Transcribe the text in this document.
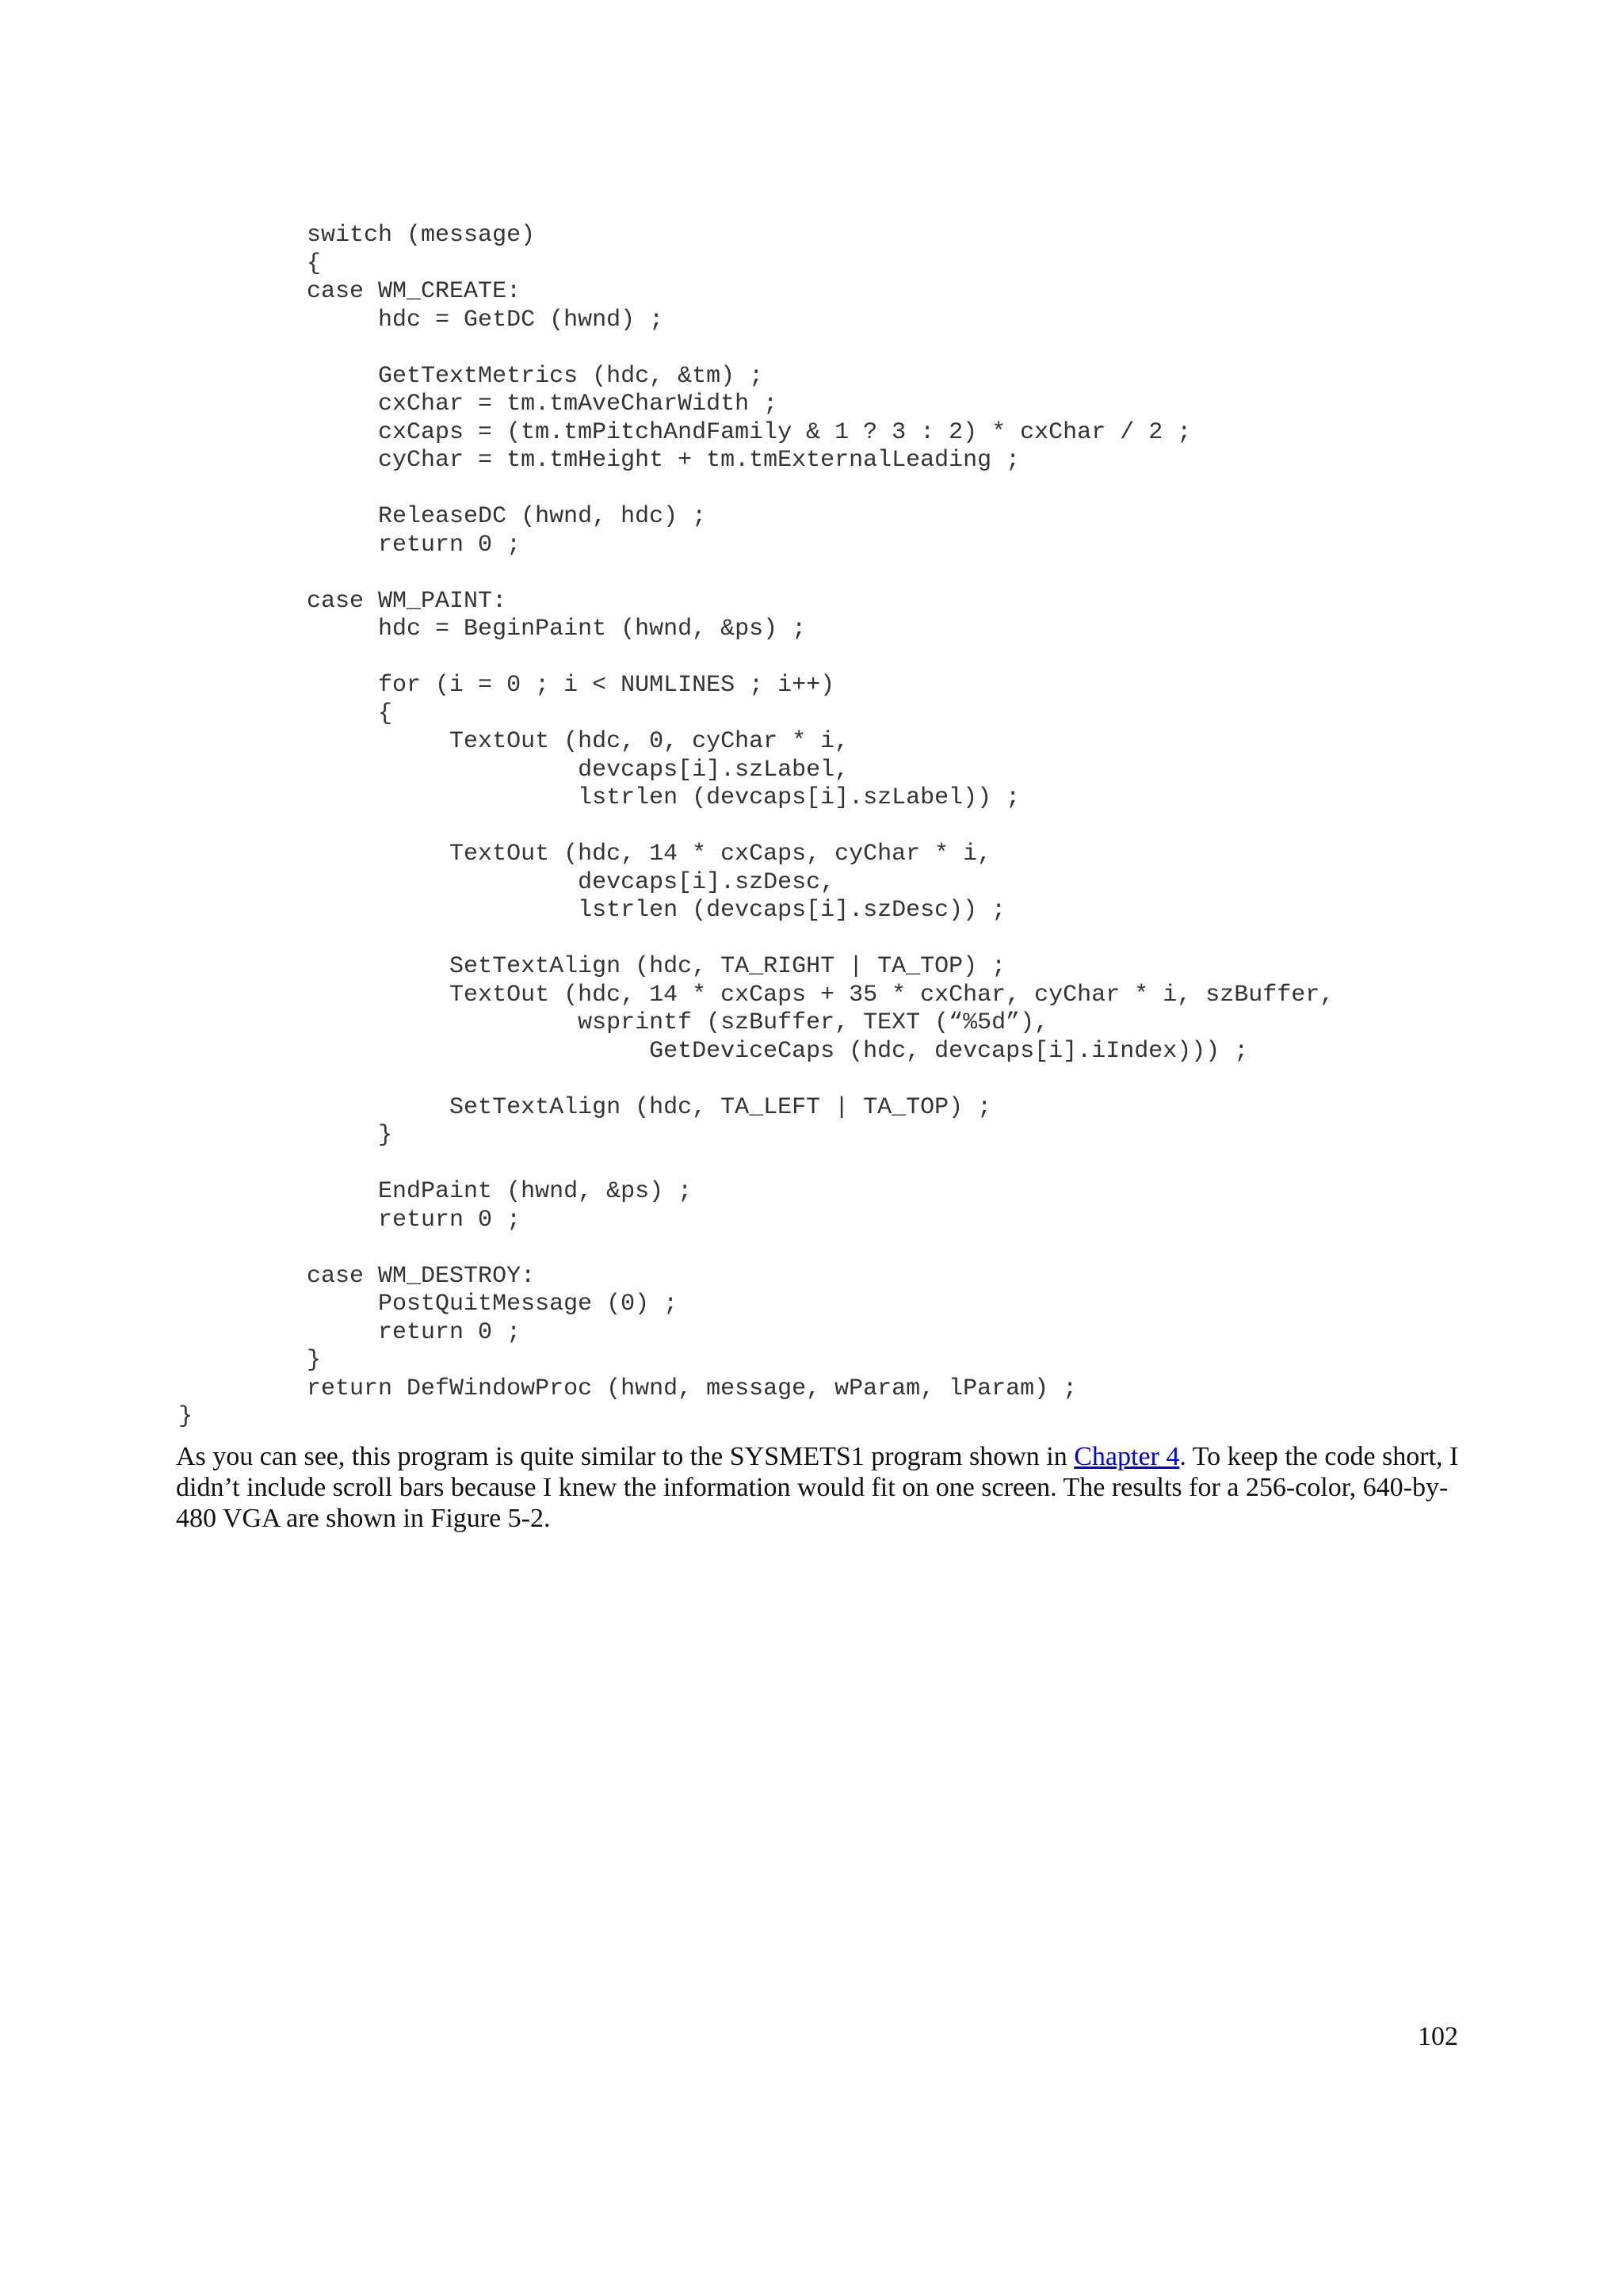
switch (message)
{
case WM_CREATE:
hdc = GetDC (hwnd) ;
GetTextMetrics (hdc, &tm) ;
cxChar = tm.tmAveCharWidth ;
cxCaps = (tm.tmPitchAndFamily & 1 ? 3 : 2) * cxChar / 2 ;
cyChar = tm.tmHeight + tm.tmExternalLeading ;
ReleaseDC (hwnd, hdc) ;
return 0 ;
case WM_PAINT:
hdc = BeginPaint (hwnd, &ps) ;
for (i = 0 ; i < NUMLINES ; i++)
{
TextOut (hdc, 0, cyChar * i,
devcaps[i].szLabel,
lstrlen (devcaps[i].szLabel)) ;
TextOut (hdc, 14 * cxCaps, cyChar * i,
devcaps[i].szDesc,
lstrlen (devcaps[i].szDesc)) ;
SetTextAlign (hdc, TA_RIGHT | TA_TOP) ;
TextOut (hdc, 14 * cxCaps + 35 * cxChar, cyChar * i, szBuffer,
wsprintf (szBuffer, TEXT (“%5d”),
GetDeviceCaps (hdc, devcaps[i].iIndex))) ;
SetTextAlign (hdc, TA_LEFT | TA_TOP) ;
}
EndPaint (hwnd, &ps) ;
return 0 ;
case WM_DESTROY:
PostQuitMessage (0) ;
return 0 ;
}
return DefWindowProc (hwnd, message, wParam, lParam) ;
}

As you can see, this program is quite similar to the SYSMETS1 program shown in Chapter 4. To keep the code short, I didn’t include scroll bars because I knew the information would fit on one screen. The results for a 256-color, 640-by-480 VGA are shown in Figure 5-2.

102
